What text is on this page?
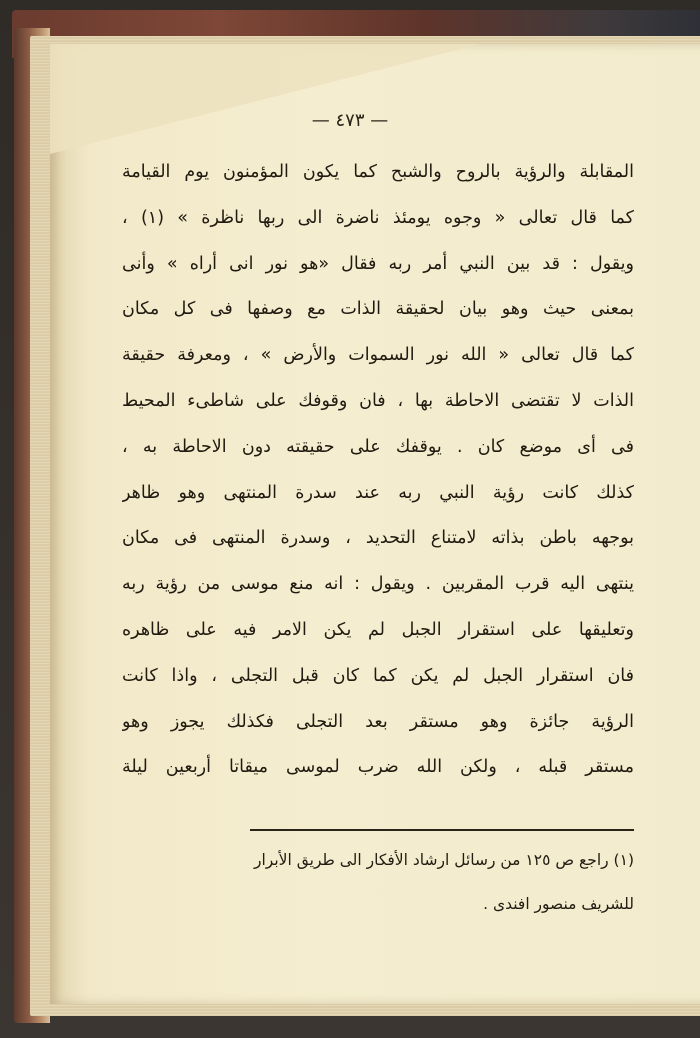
— ٤٧٣ —
المقابلة والرؤية بالروح والشبح كما يكون المؤمنون يوم القيامة
كما قال تعالى « وجوه يومئذ ناضرة الى ربها ناظرة » (١) ،
ويقول : قد بين النبي أمر ربه فقال «هو نور انى أراه » وأنى
بمعنى حيث وهو بيان لحقيقة الذات مع وصفها فى كل مكان
كما قال تعالى « الله نور السموات والأرض » ، ومعرفة حقيقة
الذات لا تقتضى الاحاطة بها ، فان وقوفك على شاطىء المحيط
فى أى موضع كان . يوقفك على حقيقته دون الاحاطة به ،
كذلك كانت رؤية النبي ربه عند سدرة المنتهى وهو ظاهر
بوجهه باطن بذاته لامتناع التحديد ، وسدرة المنتهى فى مكان
ينتهى اليه قرب المقربين . ويقول : انه منع موسى من رؤية ربه
وتعليقها على استقرار الجبل لم يكن الامر فيه على ظاهره
فان استقرار الجبل لم يكن كما كان قبل التجلى ، واذا كانت
الرؤية جائزة وهو مستقر بعد التجلى فكذلك يجوز وهو
مستقر قبله ، ولكن الله ضرب لموسى ميقاتا أربعين ليلة
(١) راجع ص ١٢٥ من رسائل ارشاد الأفكار الى طريق الأبرار
للشريف منصور افندى .
